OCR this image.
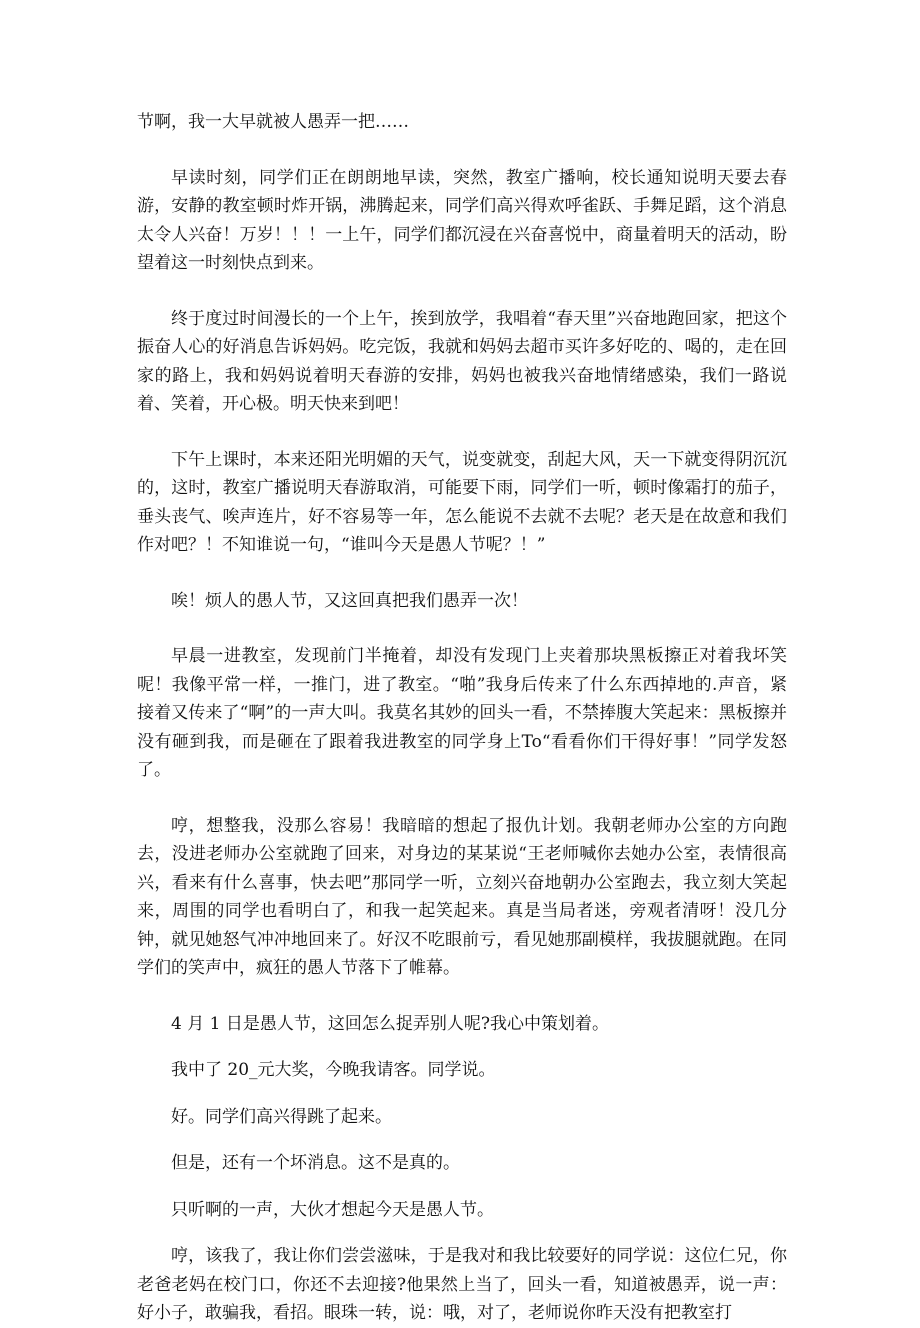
节啊，我一大早就被人愚弄一把……

早读时刻，同学们正在朗朗地早读，突然，教室广播响，校长通知说明天要去春游，安静的教室顿时炸开锅，沸腾起来，同学们高兴得欢呼雀跃、手舞足蹈，这个消息太令人兴奋！万岁！！！一上午，同学们都沉浸在兴奋喜悦中，商量着明天的活动，盼望着这一时刻快点到来。

终于度过时间漫长的一个上午，挨到放学，我唱着“春天里”兴奋地跑回家，把这个振奋人心的好消息告诉妈妈。吃完饭，我就和妈妈去超市买许多好吃的、喝的，走在回家的路上，我和妈妈说着明天春游的安排，妈妈也被我兴奋地情绪感染，我们一路说着、笑着，开心极。明天快来到吧！

下午上课时，本来还阳光明媚的天气，说变就变，刮起大风，天一下就变得阴沉沉的，这时，教室广播说明天春游取消，可能要下雨，同学们一听，顿时像霜打的茄子，垂头丧气、唉声连片，好不容易等一年，怎么能说不去就不去呢？老天是在故意和我们作对吧？！不知谁说一句，“谁叫今天是愚人节呢？！”

唉！烦人的愚人节，又这回真把我们愚弄一次！

早晨一进教室，发现前门半掩着，却没有发现门上夹着那块黑板擦正对着我坏笑呢！我像平常一样，一推门，进了教室。“啪”我身后传来了什么东西掉地的.声音，紧接着又传来了“啊”的一声大叫。我莫名其妙的回头一看，不禁捧腹大笑起来：黑板擦并没有砸到我，而是砸在了跟着我进教室的同学身上To“看看你们干得好事！”同学发怒了。

哼，想整我，没那么容易！我暗暗的想起了报仇计划。我朝老师办公室的方向跑去，没进老师办公室就跑了回来，对身边的某某说“王老师喊你去她办公室，表情很高兴，看来有什么喜事，快去吧”那同学一听，立刻兴奋地朝办公室跑去，我立刻大笑起来，周围的同学也看明白了，和我一起笑起来。真是当局者迷，旁观者清呀！没几分钟，就见她怒气冲冲地回来了。好汉不吃眼前亏，看见她那副模样，我拔腿就跑。在同学们的笑声中，疯狂的愚人节落下了帷幕。

4 月 1 日是愚人节，这回怎么捉弄别人呢?我心中策划着。

我中了 20_元大奖，今晚我请客。同学说。

好。同学们高兴得跳了起来。

但是，还有一个坏消息。这不是真的。

只听啊的一声，大伙才想起今天是愚人节。

哼，该我了，我让你们尝尝滋味，于是我对和我比较要好的同学说：这位仁兄，你老爸老妈在校门口，你还不去迎接?他果然上当了，回头一看，知道被愚弄，说一声：好小子，敢骗我，看招。眼珠一转，说：哦，对了，老师说你昨天没有把教室打
